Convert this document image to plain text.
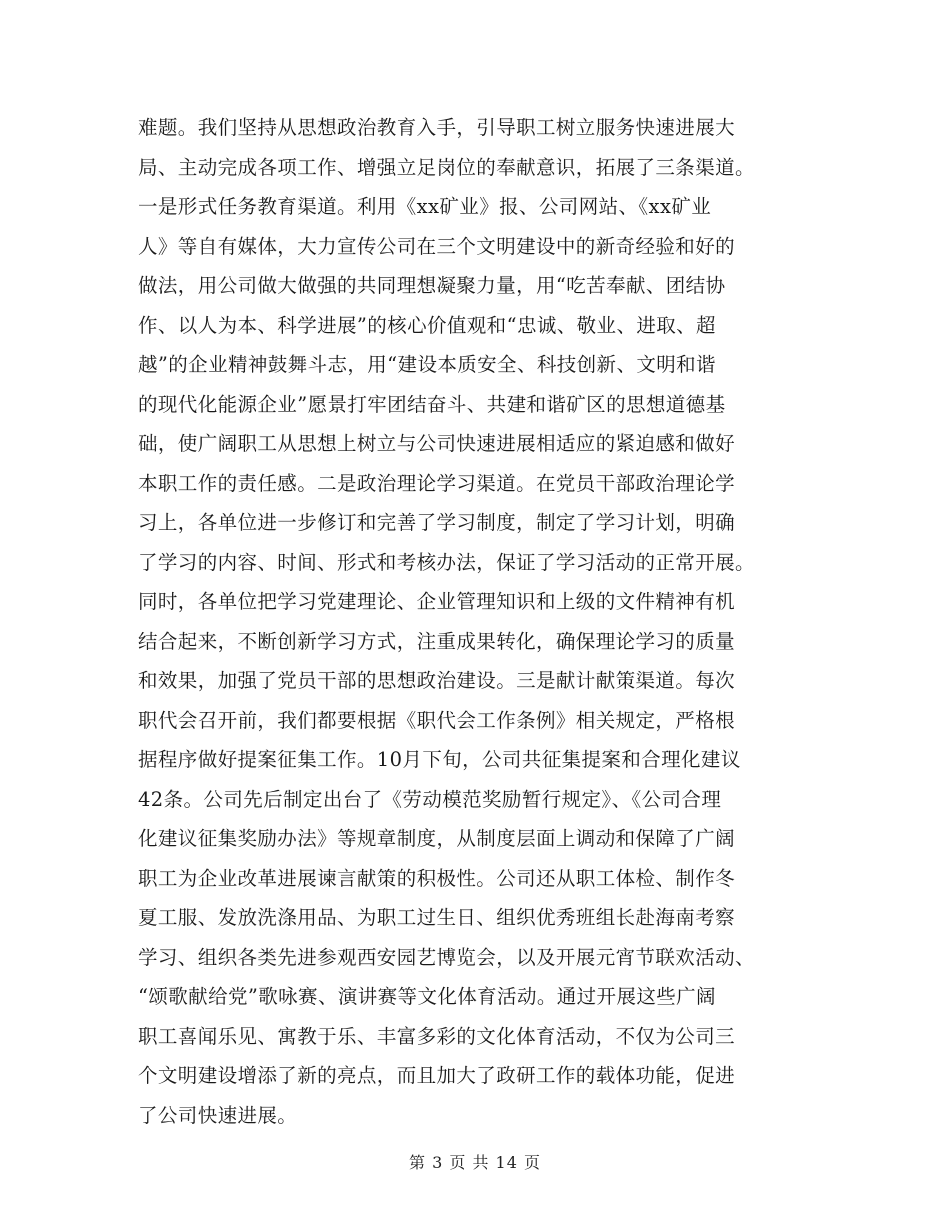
难题。我们坚持从思想政治教育入手，引导职工树立服务快速进展大
局、主动完成各项工作、增强立足岗位的奉献意识，拓展了三条渠道。
一是形式任务教育渠道。利用《xx矿业》报、公司网站、《xx矿业
人》等自有媒体，大力宣传公司在三个文明建设中的新奇经验和好的
做法，用公司做大做强的共同理想凝聚力量，用“吃苦奉献、团结协
作、以人为本、科学进展”的核心价值观和“忠诚、敬业、进取、超
越”的企业精神鼓舞斗志，用“建设本质安全、科技创新、文明和谐
的现代化能源企业”愿景打牢团结奋斗、共建和谐矿区的思想道德基
础，使广阔职工从思想上树立与公司快速进展相适应的紧迫感和做好
本职工作的责任感。二是政治理论学习渠道。在党员干部政治理论学
习上，各单位进一步修订和完善了学习制度，制定了学习计划，明确
了学习的内容、时间、形式和考核办法，保证了学习活动的正常开展。
同时，各单位把学习党建理论、企业管理知识和上级的文件精神有机
结合起来，不断创新学习方式，注重成果转化，确保理论学习的质量
和效果，加强了党员干部的思想政治建设。三是献计献策渠道。每次
职代会召开前，我们都要根据《职代会工作条例》相关规定，严格根
据程序做好提案征集工作。10月下旬，公司共征集提案和合理化建议
42条。公司先后制定出台了《劳动模范奖励暂行规定》、《公司合理
化建议征集奖励办法》等规章制度，从制度层面上调动和保障了广阔
职工为企业改革进展谏言献策的积极性。公司还从职工体检、制作冬
夏工服、发放洗涤用品、为职工过生日、组织优秀班组长赴海南考察
学习、组织各类先进参观西安园艺博览会，以及开展元宵节联欢活动、
“颂歌献给党”歌咏赛、演讲赛等文化体育活动。通过开展这些广阔
职工喜闻乐见、寓教于乐、丰富多彩的文化体育活动，不仅为公司三
个文明建设增添了新的亮点，而且加大了政研工作的载体功能，促进
了公司快速进展。
第 3 页 共 14 页
